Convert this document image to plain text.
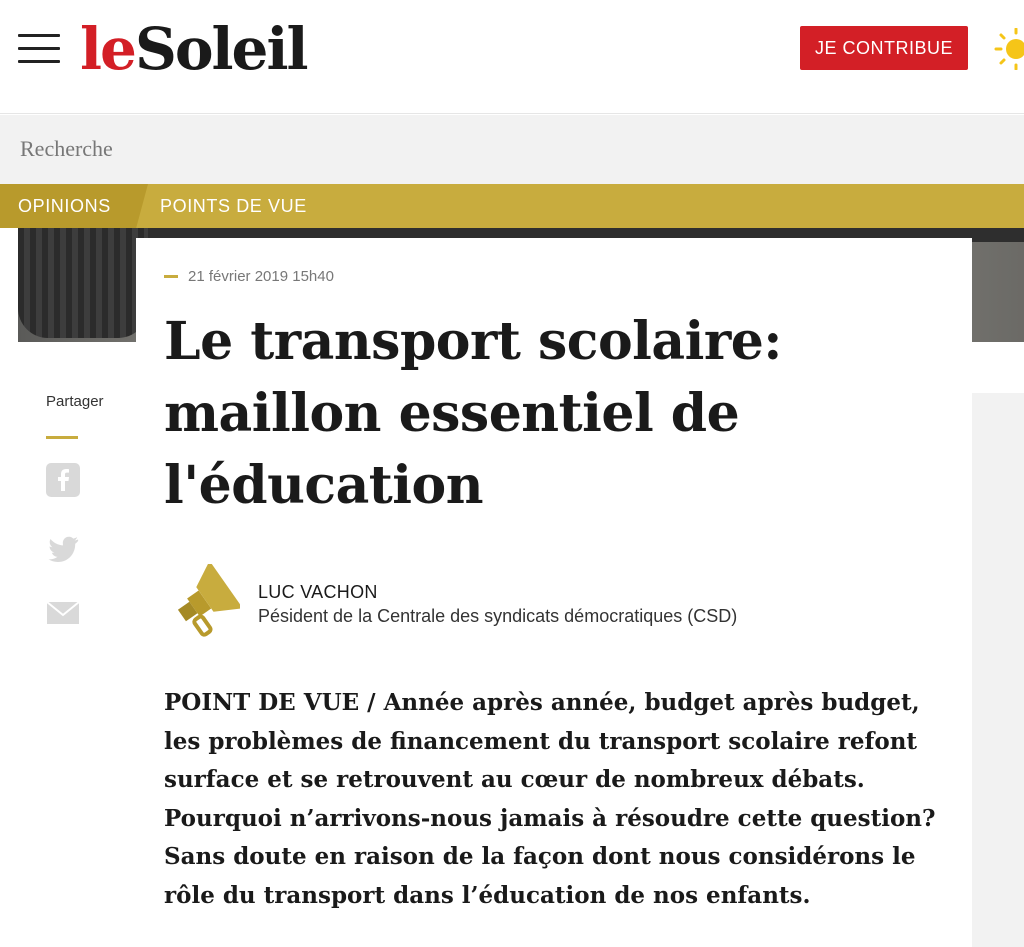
leSoleil	JE CONTRIBUE
Recherche
OPINIONS	POINTS DE VUE
21 février 2019 15h40
Le transport scolaire: maillon essentiel de l'éducation
Partager
LUC VACHON
Pésident de la Centrale des syndicats démocratiques (CSD)

POINT DE VUE / Année après année, budget après budget, les problèmes de financement du transport scolaire refont surface et se retrouvent au cœur de nombreux débats. Pourquoi n’arrivons-nous jamais à résoudre cette question? Sans doute en raison de la façon dont nous considérons le rôle du transport dans l’éducation de nos enfants.
